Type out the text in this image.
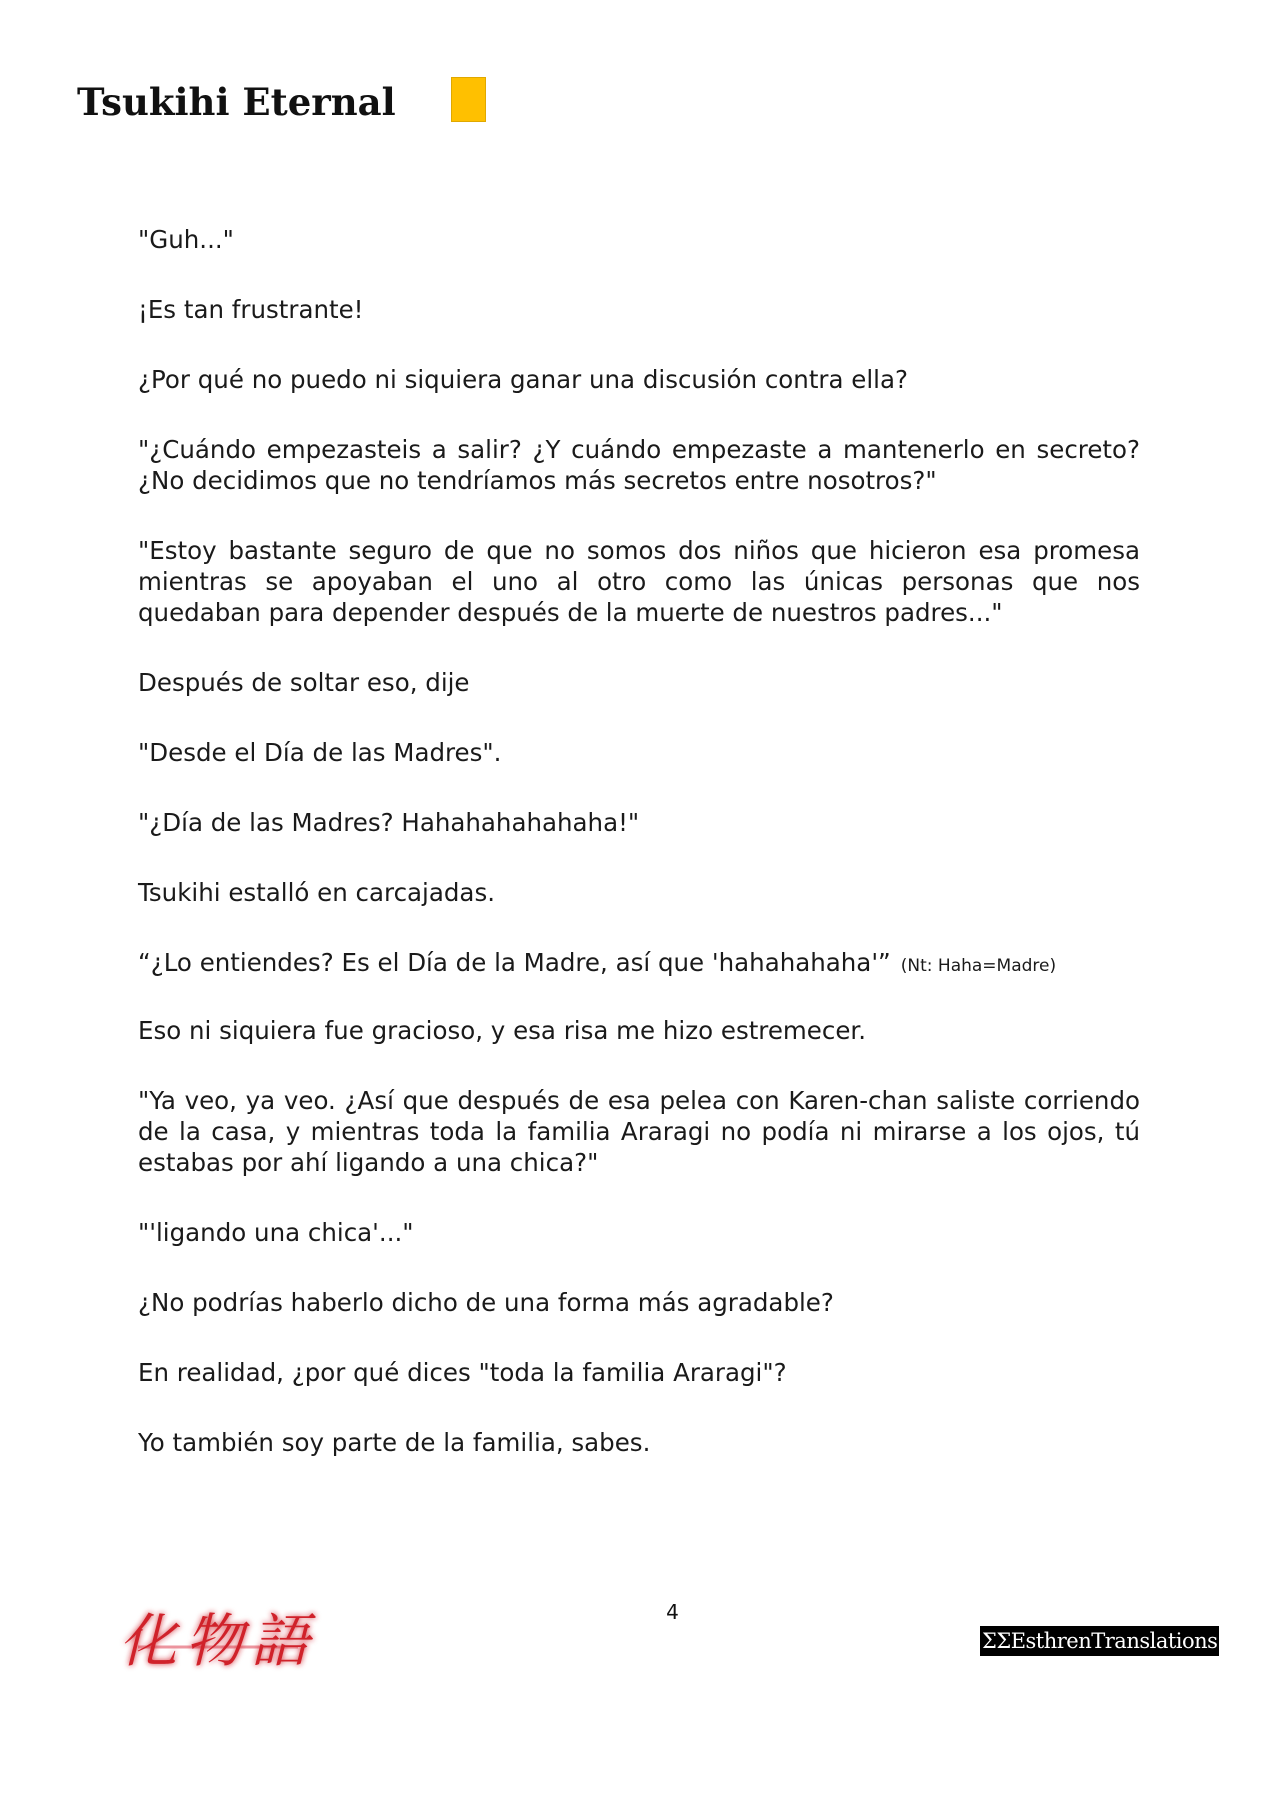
Tsukihi Eternal

"Guh..."

¡Es tan frustrante!

¿Por qué no puedo ni siquiera ganar una discusión contra ella?

"¿Cuándo empezasteis a salir? ¿Y cuándo empezaste a mantenerlo en secreto? ¿No decidimos que no tendríamos más secretos entre nosotros?"

"Estoy bastante seguro de que no somos dos niños que hicieron esa promesa mientras se apoyaban el uno al otro como las únicas personas que nos quedaban para depender después de la muerte de nuestros padres..."

Después de soltar eso, dije

"Desde el Día de las Madres".

"¿Día de las Madres? Hahahahahahaha!"

Tsukihi estalló en carcajadas.

“¿Lo entiendes? Es el Día de la Madre, así que 'hahahahaha'” (Nt: Haha=Madre)

Eso ni siquiera fue gracioso, y esa risa me hizo estremecer.

"Ya veo, ya veo. ¿Así que después de esa pelea con Karen-chan saliste corriendo de la casa, y mientras toda la familia Araragi no podía ni mirarse a los ojos, tú estabas por ahí ligando a una chica?"

"'ligando una chica'..."

¿No podrías haberlo dicho de una forma más agradable?

En realidad, ¿por qué dices "toda la familia Araragi"?

Yo también soy parte de la familia, sabes.

4
化物語	ΣΣEsthrenTranslations
